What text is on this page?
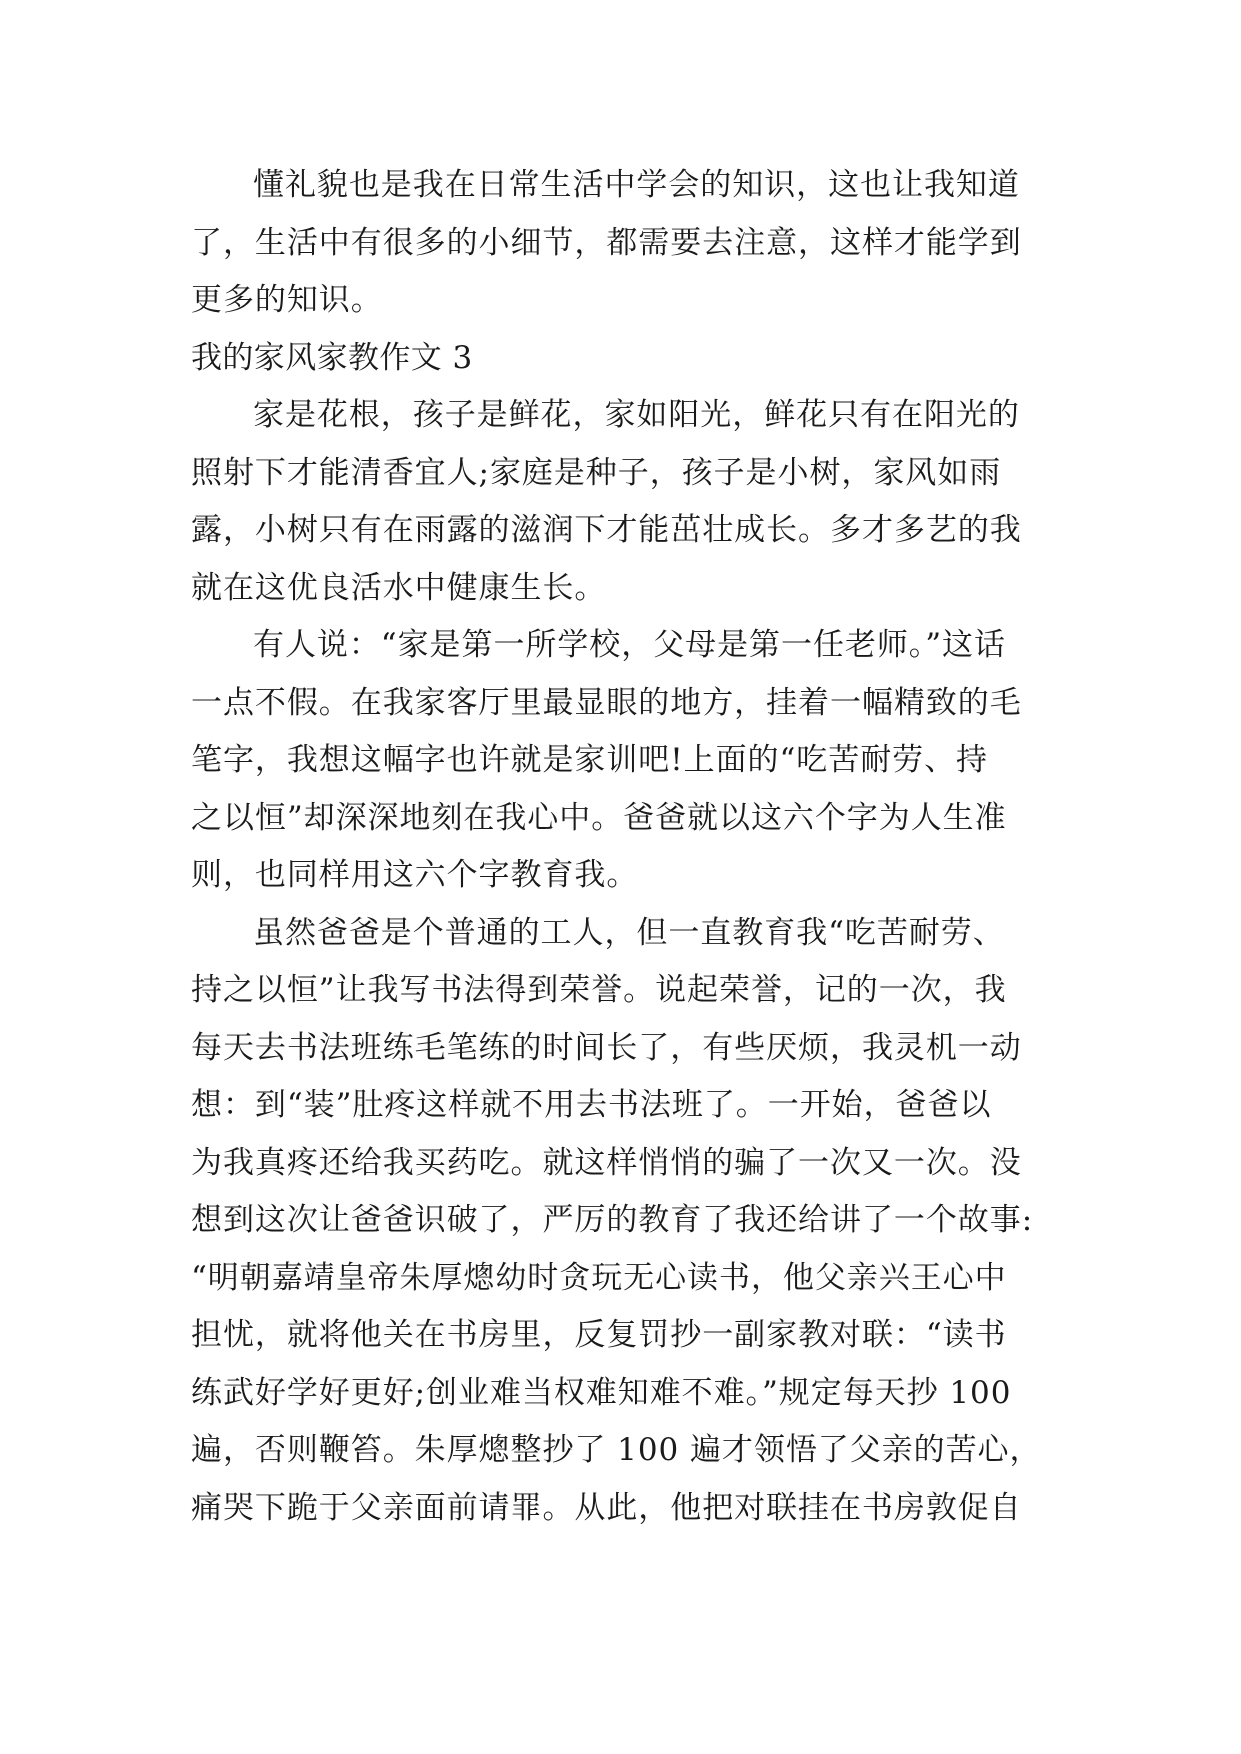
懂礼貌也是我在日常生活中学会的知识，这也让我知道
了，生活中有很多的小细节，都需要去注意，这样才能学到
更多的知识。
我的家风家教作文 3
家是花根，孩子是鲜花，家如阳光，鲜花只有在阳光的
照射下才能清香宜人;家庭是种子，孩子是小树，家风如雨
露，小树只有在雨露的滋润下才能茁壮成长。多才多艺的我
就在这优良活水中健康生长。
有人说：“家是第一所学校，父母是第一任老师。”这话
一点不假。在我家客厅里最显眼的地方，挂着一幅精致的毛
笔字，我想这幅字也许就是家训吧!上面的“吃苦耐劳、持
之以恒”却深深地刻在我心中。爸爸就以这六个字为人生准
则，也同样用这六个字教育我。
虽然爸爸是个普通的工人，但一直教育我“吃苦耐劳、
持之以恒”让我写书法得到荣誉。说起荣誉，记的一次，我
每天去书法班练毛笔练的时间长了，有些厌烦，我灵机一动
想：到“装”肚疼这样就不用去书法班了。一开始，爸爸以
为我真疼还给我买药吃。就这样悄悄的骗了一次又一次。没
想到这次让爸爸识破了，严厉的教育了我还给讲了一个故事:
“明朝嘉靖皇帝朱厚熜幼时贪玩无心读书，他父亲兴王心中
担忧，就将他关在书房里，反复罚抄一副家教对联：“读书
练武好学好更好;创业难当权难知难不难。”规定每天抄 100
遍，否则鞭笞。朱厚熜整抄了 100 遍才领悟了父亲的苦心，
痛哭下跪于父亲面前请罪。从此，他把对联挂在书房敦促自
